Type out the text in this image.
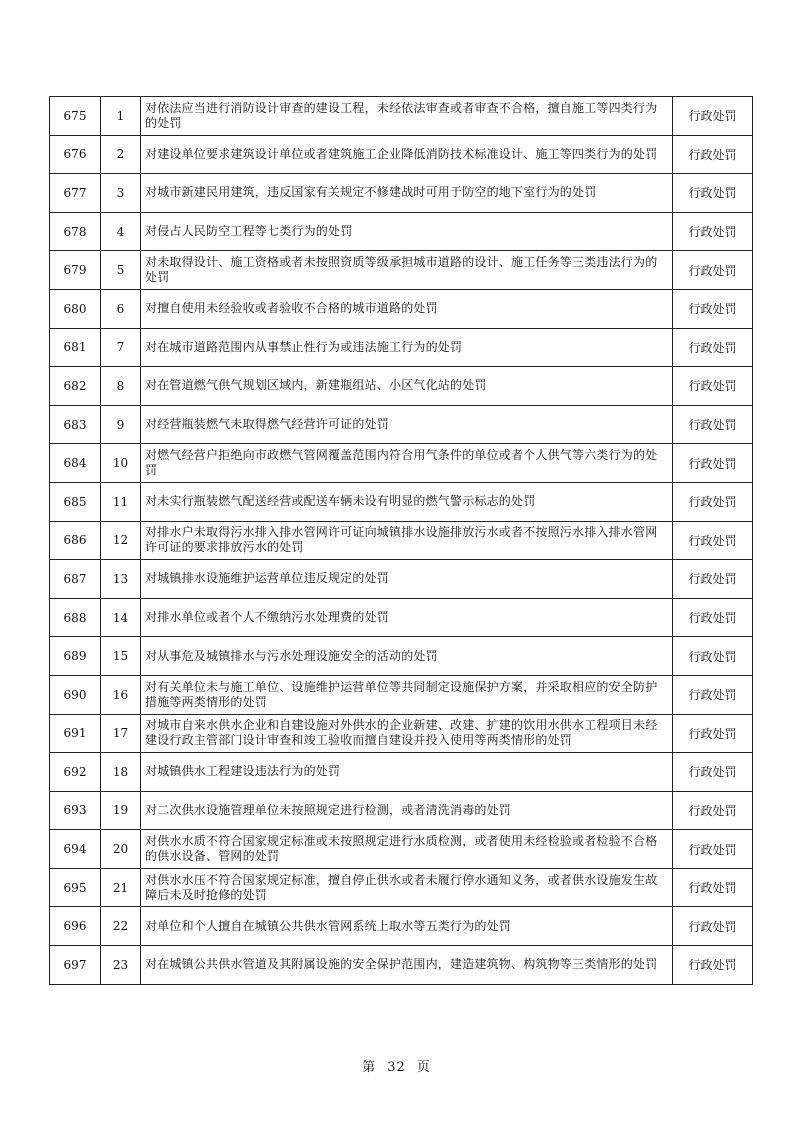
675	1	对依法应当进行消防设计审查的建设工程，未经依法审查或者审查不合格，擅自施工等四类行为的处罚	行政处罚
676	2	对建设单位要求建筑设计单位或者建筑施工企业降低消防技术标准设计、施工等四类行为的处罚	行政处罚
677	3	对城市新建民用建筑，违反国家有关规定不修建战时可用于防空的地下室行为的处罚	行政处罚
678	4	对侵占人民防空工程等七类行为的处罚	行政处罚
679	5	对未取得设计、施工资格或者未按照资质等级承担城市道路的设计、施工任务等三类违法行为的处罚	行政处罚
680	6	对擅自使用未经验收或者验收不合格的城市道路的处罚	行政处罚
681	7	对在城市道路范围内从事禁止性行为或违法施工行为的处罚	行政处罚
682	8	对在管道燃气供气规划区域内，新建瓶组站、小区气化站的处罚	行政处罚
683	9	对经营瓶装燃气未取得燃气经营许可证的处罚	行政处罚
684	10	对燃气经营户拒绝向市政燃气管网覆盖范围内符合用气条件的单位或者个人供气等六类行为的处罚	行政处罚
685	11	对未实行瓶装燃气配送经营或配送车辆未设有明显的燃气警示标志的处罚	行政处罚
686	12	对排水户未取得污水排入排水管网许可证向城镇排水设施排放污水或者不按照污水排入排水管网许可证的要求排放污水的处罚	行政处罚
687	13	对城镇排水设施维护运营单位违反规定的处罚	行政处罚
688	14	对排水单位或者个人不缴纳污水处理费的处罚	行政处罚
689	15	对从事危及城镇排水与污水处理设施安全的活动的处罚	行政处罚
690	16	对有关单位未与施工单位、设施维护运营单位等共同制定设施保护方案，并采取相应的安全防护措施等两类情形的处罚	行政处罚
691	17	对城市自来水供水企业和自建设施对外供水的企业新建、改建、扩建的饮用水供水工程项目未经建设行政主管部门设计审查和竣工验收而擅自建设并投入使用等两类情形的处罚	行政处罚
692	18	对城镇供水工程建设违法行为的处罚	行政处罚
693	19	对二次供水设施管理单位未按照规定进行检测，或者清洗消毒的处罚	行政处罚
694	20	对供水水质不符合国家规定标准或未按照规定进行水质检测，或者使用未经检验或者检验不合格的供水设备、管网的处罚	行政处罚
695	21	对供水水压不符合国家规定标准，擅自停止供水或者未履行停水通知义务，或者供水设施发生故障后未及时抢修的处罚	行政处罚
696	22	对单位和个人擅自在城镇公共供水管网系统上取水等五类行为的处罚	行政处罚
697	23	对在城镇公共供水管道及其附属设施的安全保护范围内，建造建筑物、构筑物等三类情形的处罚	行政处罚
第 32 页
